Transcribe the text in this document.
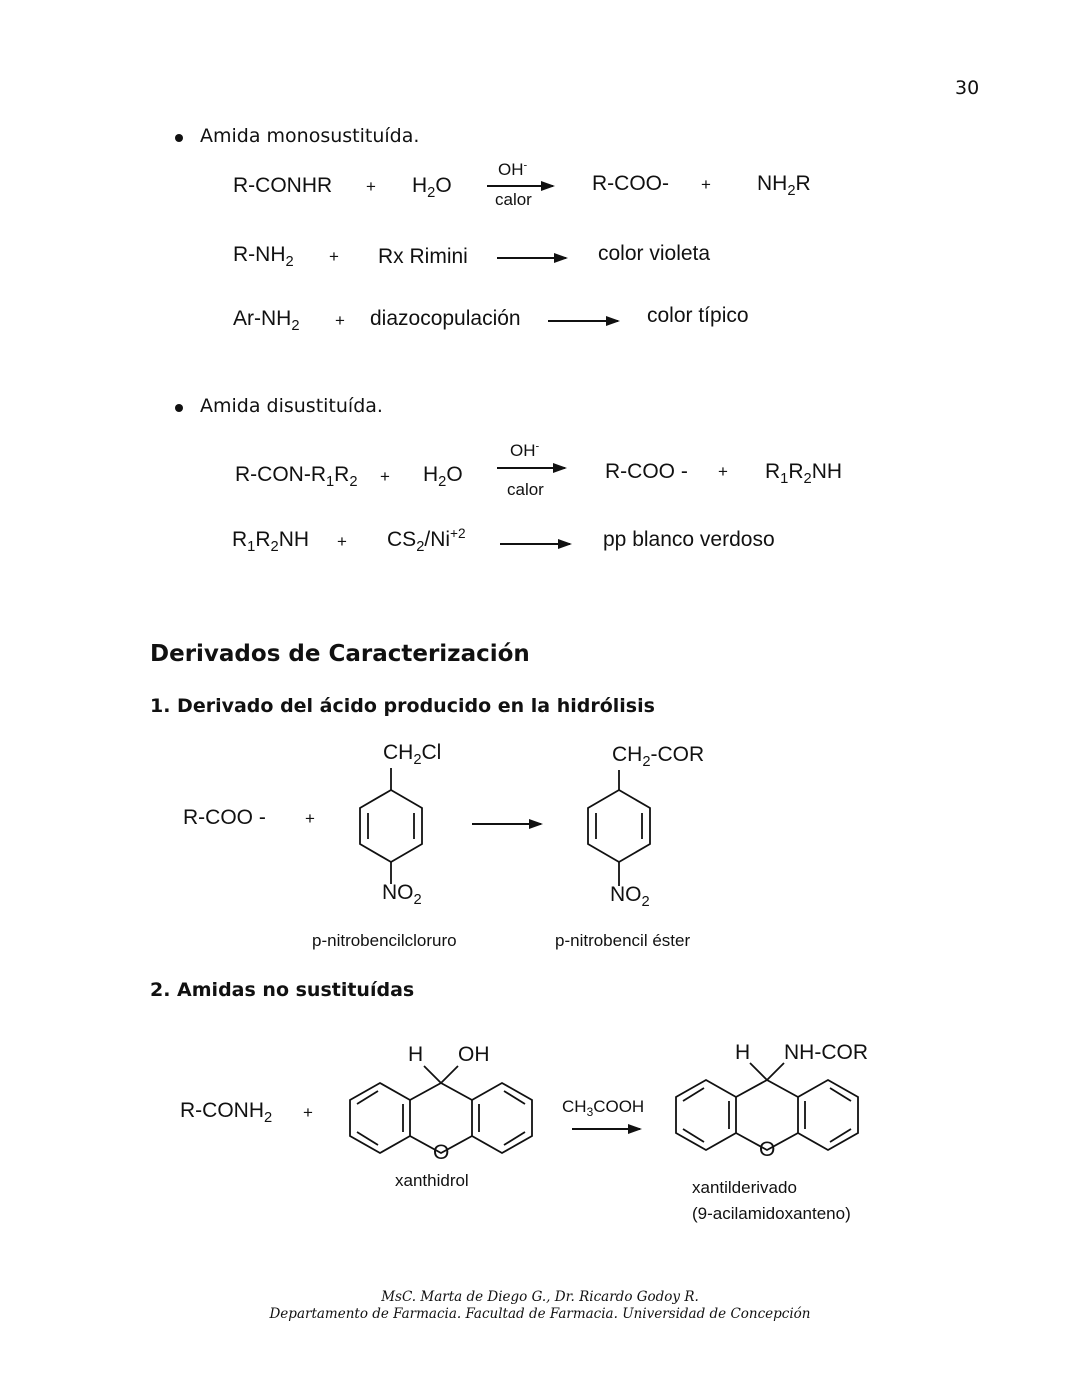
30
Amida monosustituída.
R-CONHR + $H_2O$
OH-
calor
$R-COO- + NH_2R$
$R-NH_2 + Rx$ Rimini	color violeta
$Ar-NH_2$ + diazocopulación	color típico
Amida disustituída.
$R-CON-R_1R_2 + H_2O$
OH-
calor
R-COO - + $R_1R_2NH$
$R_1R_2NH + CS_2/Ni^{+2}$	pp blanco verdoso
Derivados de Caracterización
1. Derivado del ácido producido en la hidrólisis
R-COO - +
$CH_2Cl$
$NO_2$
$CH_2$-COR
$NO_2$
p-nitrobencilcloruro	p-nitrobencil éster
2. Amidas no sustituídas
$R-CONH_2$ +
H OH
O
$CH_3COOH$
H NH-COR
O
xanthidrol	xantilderivado
(9-acilamidoxanteno)
MsC. Marta de Diego G., Dr. Ricardo Godoy R.
Departamento de Farmacia. Facultad de Farmacia. Universidad de Concepción
